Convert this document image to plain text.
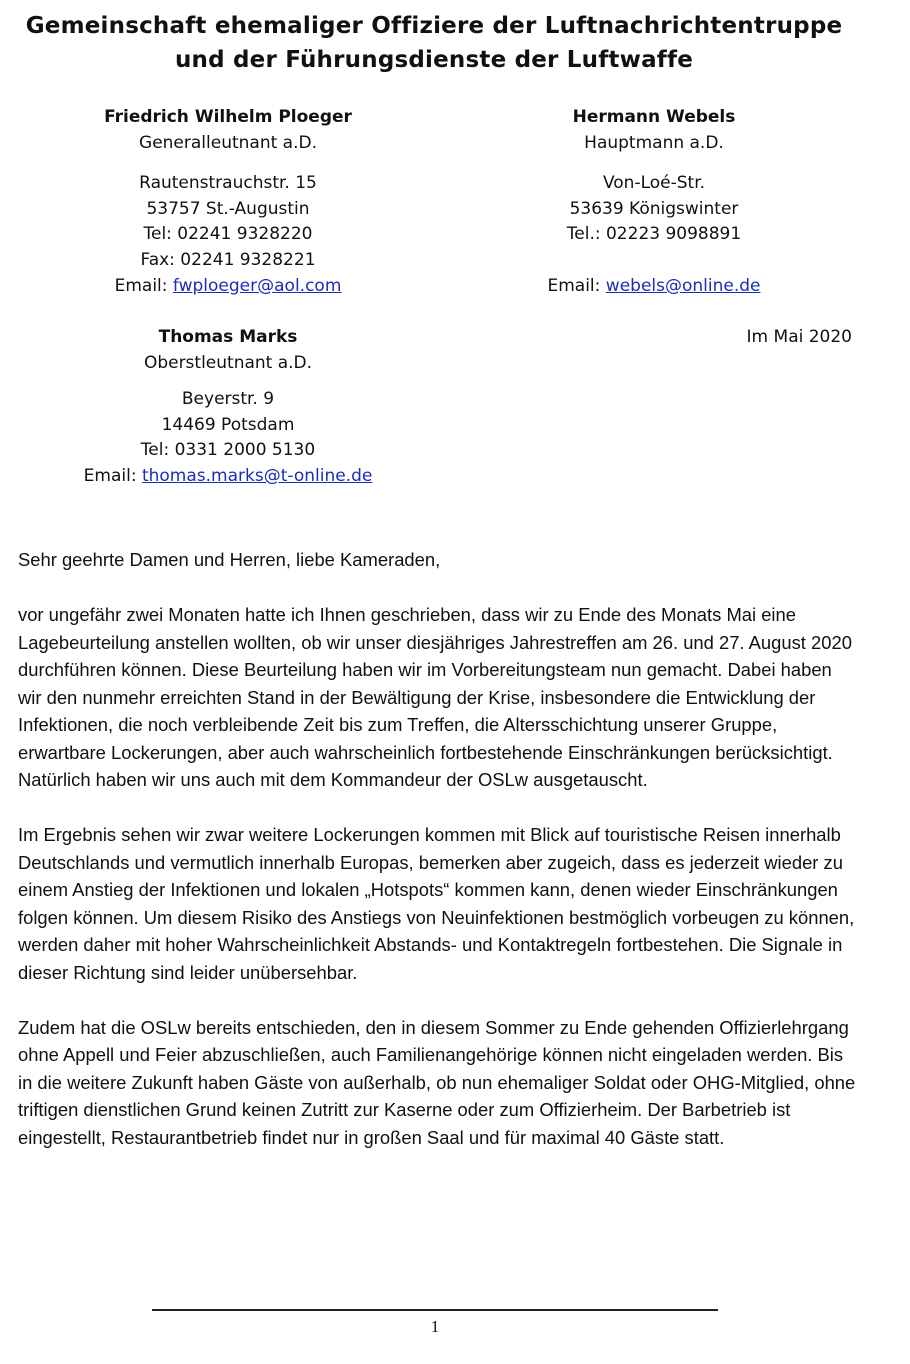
Gemeinschaft ehemaliger Offiziere der Luftnachrichtentruppe
und der Führungsdienste der Luftwaffe
Friedrich Wilhelm Ploeger
Generalleutnant a.D.
Rautenstrauchstr. 15
53757 St.-Augustin
Tel: 02241 9328220
Fax: 02241 9328221
Email: fwploeger@aol.com
Hermann Webels
Hauptmann a.D.
Von-Loé-Str.
53639 Königswinter
Tel.: 02223 9098891
Email: webels@online.de
Thomas Marks
Oberstleutnant a.D.
Beyerstr. 9
14469 Potsdam
Tel: 0331 2000 5130
Email: thomas.marks@t-online.de
Im Mai 2020

Sehr geehrte Damen und Herren, liebe Kameraden,

vor ungefähr zwei Monaten hatte ich Ihnen geschrieben, dass wir zu Ende des Monats Mai eine Lagebeurteilung anstellen wollten, ob wir unser diesjähriges Jahrestreffen am 26. und 27. August 2020 durchführen können. Diese Beurteilung haben wir im Vorbereitungsteam nun gemacht. Dabei haben wir den nunmehr erreichten Stand in der Bewältigung der Krise, insbesondere die Entwicklung der Infektionen, die noch verbleibende Zeit bis zum Treffen, die Altersschichtung unserer Gruppe, erwartbare Lockerungen, aber auch wahrscheinlich fortbestehende Einschränkungen berücksichtigt. Natürlich haben wir uns auch mit dem Kommandeur der OSLw ausgetauscht.

Im Ergebnis sehen wir zwar weitere Lockerungen kommen mit Blick auf touristische Reisen innerhalb Deutschlands und vermutlich innerhalb Europas, bemerken aber zugeich, dass es jederzeit wieder zu einem Anstieg der Infektionen und lokalen „Hotspots“ kommen kann, denen wieder Einschränkungen folgen können. Um diesem Risiko des Anstiegs von Neuinfektionen bestmöglich vorbeugen zu können, werden daher mit hoher Wahrscheinlichkeit Abstands- und Kontaktregeln fortbestehen. Die Signale in dieser Richtung sind leider unübersehbar.

Zudem hat die OSLw bereits entschieden, den in diesem Sommer zu Ende gehenden Offizierlehrgang ohne Appell und Feier abzuschließen, auch Familienangehörige können nicht eingeladen werden. Bis in die weitere Zukunft haben Gäste von außerhalb, ob nun ehemaliger Soldat oder OHG-Mitglied, ohne triftigen dienstlichen Grund keinen Zutritt zur Kaserne oder zum Offizierheim. Der Barbetrieb ist eingestellt, Restaurantbetrieb findet nur in großen Saal und für maximal 40 Gäste statt.

1
